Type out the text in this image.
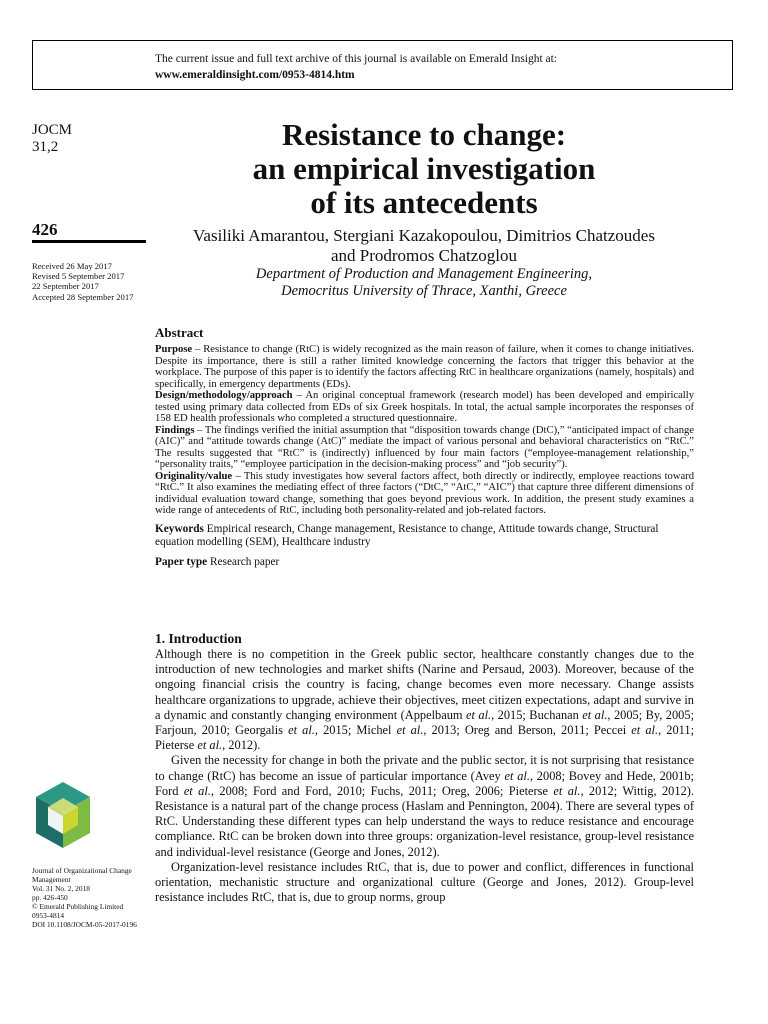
The current issue and full text archive of this journal is available on Emerald Insight at:
www.emeraldinsight.com/0953-4814.htm
JOCM
31,2
426
Received 26 May 2017
Revised 5 September 2017
22 September 2017
Accepted 28 September 2017
Resistance to change:
an empirical investigation
of its antecedents
Vasiliki Amarantou, Stergiani Kazakopoulou, Dimitrios Chatzoudes
and Prodromos Chatzoglou
Department of Production and Management Engineering,
Democritus University of Thrace, Xanthi, Greece
Abstract

Purpose – Resistance to change (RtC) is widely recognized as the main reason of failure, when it comes to change initiatives. Despite its importance, there is still a rather limited knowledge concerning the factors that trigger this behavior at the workplace. The purpose of this paper is to identify the factors affecting RtC in healthcare organizations (namely, hospitals) and specifically, in emergency departments (EDs).

Design/methodology/approach – An original conceptual framework (research model) has been developed and empirically tested using primary data collected from EDs of six Greek hospitals. In total, the actual sample incorporates the responses of 158 ED health professionals who completed a structured questionnaire.

Findings – The findings verified the initial assumption that “disposition towards change (DtC),” “anticipated impact of change (AIC)” and “attitude towards change (AtC)” mediate the impact of various personal and behavioral characteristics on “RtC.” The results suggested that “RtC” is (indirectly) influenced by four main factors (“employee-management relationship,” “personality traits,” “employee participation in the decision-making process” and “job security”).

Originality/value – This study investigates how several factors affect, both directly or indirectly, employee reactions toward “RtC.” It also examines the mediating effect of three factors (“DtC,” “AtC,” “AIC”) that capture three different dimensions of individual evaluation toward change, something that goes beyond previous work. In addition, the present study examines a wide range of antecedents of RtC, including both personality-related and job-related factors.

Keywords Empirical research, Change management, Resistance to change, Attitude towards change, Structural equation modelling (SEM), Healthcare industry

Paper type Research paper

1. Introduction

Although there is no competition in the Greek public sector, healthcare constantly changes due to the introduction of new technologies and market shifts (Narine and Persaud, 2003). Moreover, because of the ongoing financial crisis the country is facing, change becomes even more necessary. Change assists healthcare organizations to upgrade, achieve their objectives, meet citizen expectations, adapt and survive in a dynamic and constantly changing environment (Appelbaum et al., 2015; Buchanan et al., 2005; By, 2005; Farjoun, 2010; Georgalis et al., 2015; Michel et al., 2013; Oreg and Berson, 2011; Peccei et al., 2011; Pieterse et al., 2012).

Given the necessity for change in both the private and the public sector, it is not surprising that resistance to change (RtC) has become an issue of particular importance (Avey et al., 2008; Bovey and Hede, 2001b; Ford et al., 2008; Ford and Ford, 2010; Fuchs, 2011; Oreg, 2006; Pieterse et al., 2012; Wittig, 2012). Resistance is a natural part of the change process (Haslam and Pennington, 2004). There are several types of RtC. Understanding these different types can help understand the ways to reduce resistance and encourage compliance. RtC can be broken down into three groups: organization-level resistance, group-level resistance and individual-level resistance (George and Jones, 2012).

Organization-level resistance includes RtC, that is, due to power and conflict, differences in functional orientation, mechanistic structure and organizational culture (George and Jones, 2012). Group-level resistance includes RtC, that is, due to group norms, group

Journal of Organizational Change Management
Vol. 31 No. 2, 2018
pp. 426-450
© Emerald Publishing Limited
0953-4814
DOI 10.1108/JOCM-05-2017-0196
